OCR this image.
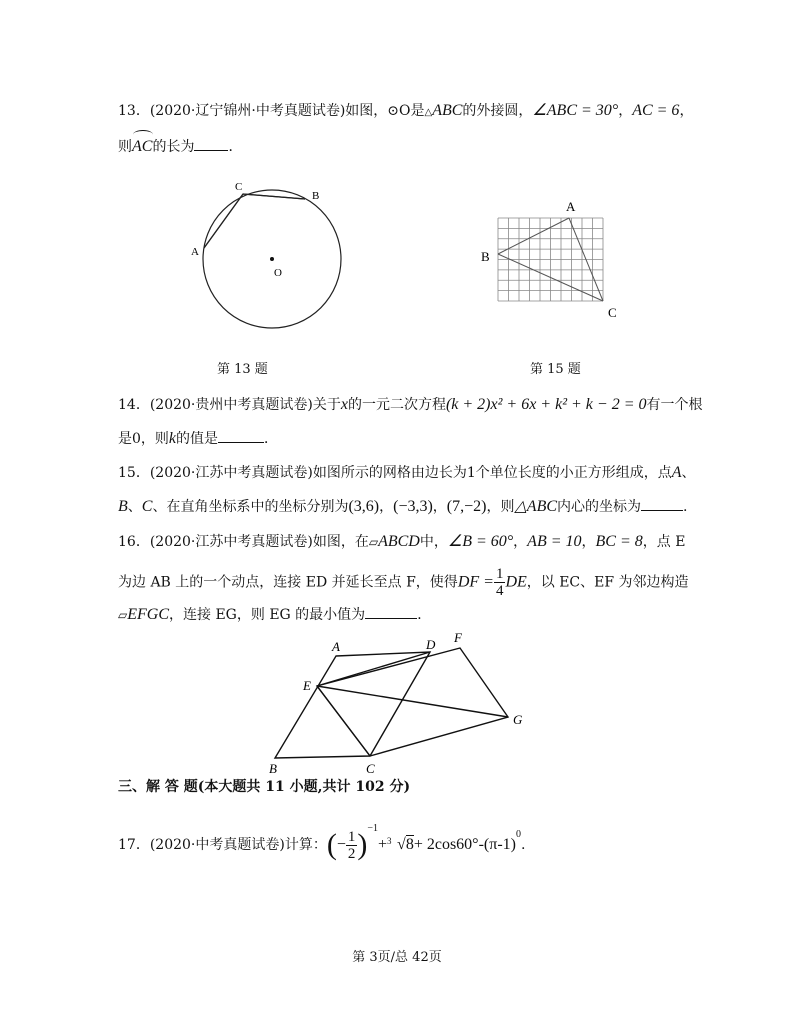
13．(2020·辽宁锦州·中考真题试卷)如图，⊙O是△ABC的外接圆，∠ABC = 30°，AC = 6，
则
AC的长为 ．
A
C
B
O
第 13 题
A
B
C
第 15 题
14．(2020·贵州中考真题试卷)关于x的一元二次方程(k + 2)x² + 6x + k² + k − 2 = 0有一个根
是0，则k的值是	．
15．(2020·江苏中考真题试卷)如图所示的网格由边长为1个单位长度的小正方形组成，点A、
B、C、在直角坐标系中的坐标分别为(3,6)，(−3,3)，(7,−2)，则△ABC内心的坐标为	.
16．(2020·江苏中考真题试卷)如图，在▱ABCD中，∠B = 60°，AB = 10，BC = 8，点 E
为边 AB 上的一个动点，连接 ED 并延长至点 F，使得DF = $\frac{1}{4}$ DE，以 EC、EF 为邻边构造
▱EFGC，连接 EG，则 EG 的最小值为	．
A	D F
E
G
B	C
三、解 答 题(本大题共 11 小题,共计 102 分)
17．(2020·中考真题试卷)计算：(− $\frac{1}{2} )^{-1}+ 3$ $√8+ 2\cos 60^\circ-(\pi-1)^0$.
第 3页/总 42页
